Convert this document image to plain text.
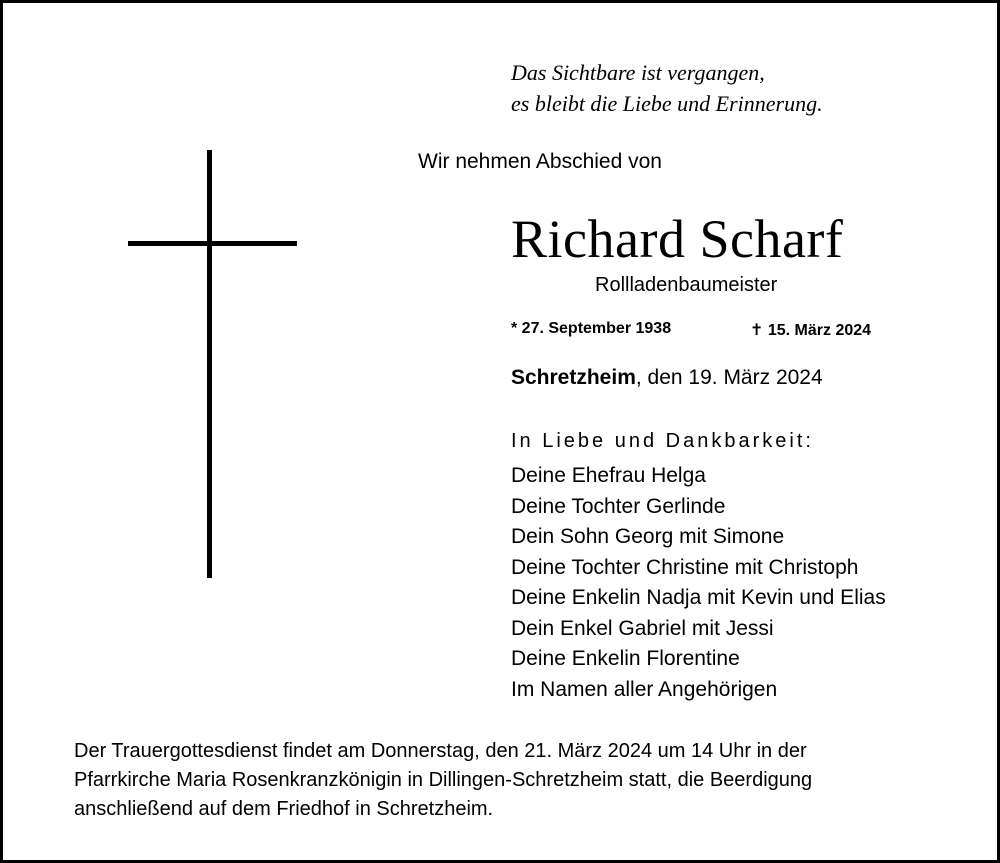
Das Sichtbare ist vergangen,
es bleibt die Liebe und Erinnerung.
Wir nehmen Abschied von
Richard Scharf
Rollladenbaumeister
* 27. September 1938	✝ 15. März 2024
Schretzheim, den 19. März 2024
In Liebe und Dankbarkeit:
Deine Ehefrau Helga
Deine Tochter Gerlinde
Dein Sohn Georg mit Simone
Deine Tochter Christine mit Christoph
Deine Enkelin Nadja mit Kevin und Elias
Dein Enkel Gabriel mit Jessi
Deine Enkelin Florentine
Im Namen aller Angehörigen
Der Trauergottesdienst findet am Donnerstag, den 21. März 2024 um 14 Uhr in der
Pfarrkirche Maria Rosenkranzkönigin in Dillingen-Schretzheim statt, die Beerdigung
anschließend auf dem Friedhof in Schretzheim.
